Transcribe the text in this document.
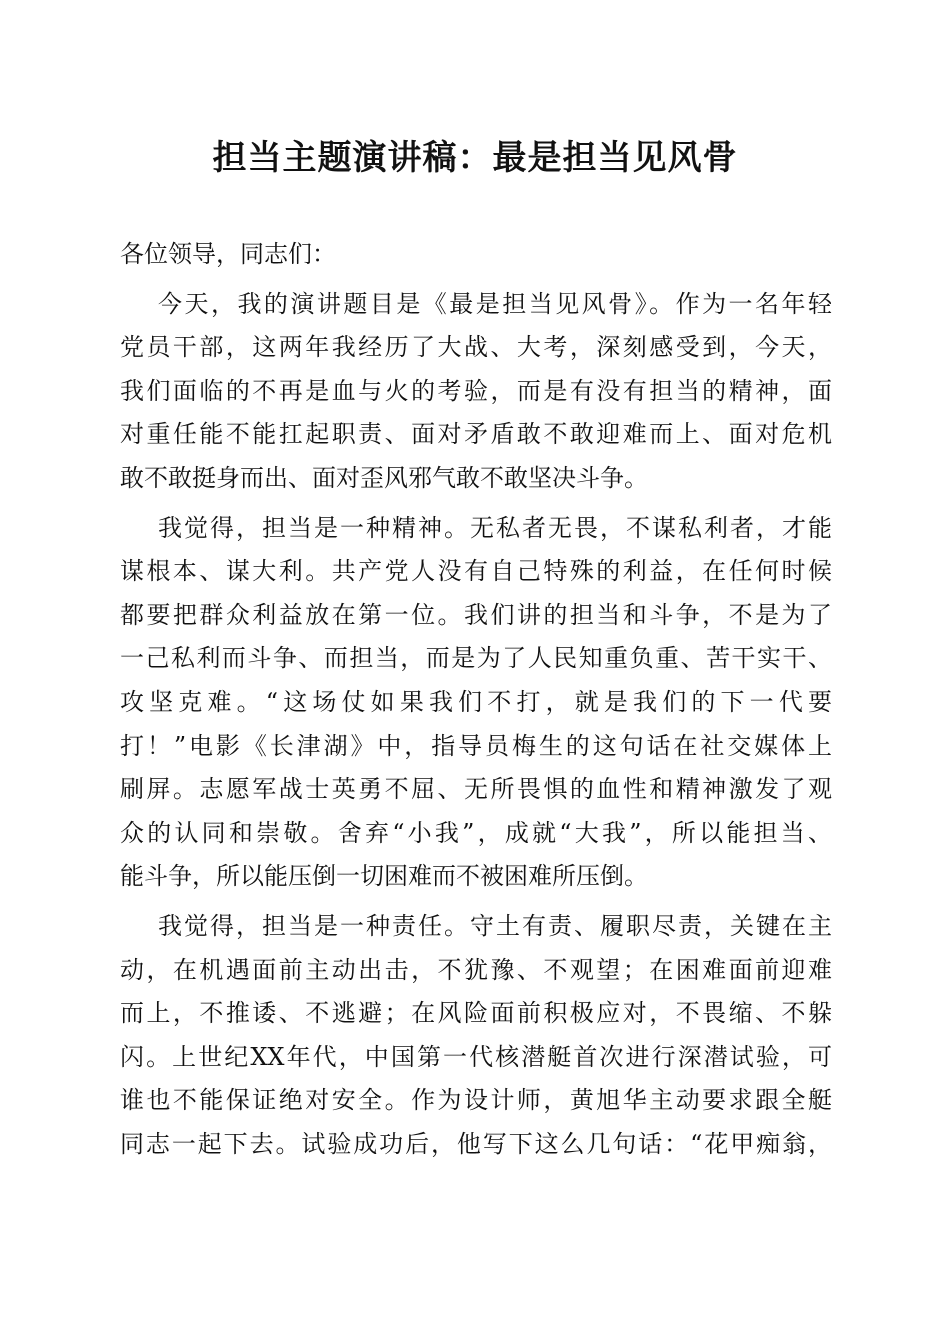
担当主题演讲稿：最是担当见风骨

各位领导，同志们：

今天，我的演讲题目是《最是担当见风骨》。作为一名年轻
党员干部，这两年我经历了大战、大考，深刻感受到，今天，
我们面临的不再是血与火的考验，而是有没有担当的精神，面
对重任能不能扛起职责、面对矛盾敢不敢迎难而上、面对危机
敢不敢挺身而出、面对歪风邪气敢不敢坚决斗争。

我觉得，担当是一种精神。无私者无畏，不谋私利者，才能
谋根本、谋大利。共产党人没有自己特殊的利益，在任何时候
都要把群众利益放在第一位。我们讲的担当和斗争，不是为了
一己私利而斗争、而担当，而是为了人民知重负重、苦干实干、
攻坚克难。“这场仗如果我们不打，就是我们的下一代要
打！”电影《长津湖》中，指导员梅生的这句话在社交媒体上
刷屏。志愿军战士英勇不屈、无所畏惧的血性和精神激发了观
众的认同和崇敬。舍弃“小我”，成就“大我”，所以能担当、
能斗争，所以能压倒一切困难而不被困难所压倒。

我觉得，担当是一种责任。守土有责、履职尽责，关键在主
动，在机遇面前主动出击，不犹豫、不观望；在困难面前迎难
而上，不推诿、不逃避；在风险面前积极应对，不畏缩、不躲
闪。上世纪XX年代，中国第一代核潜艇首次进行深潜试验，可
谁也不能保证绝对安全。作为设计师，黄旭华主动要求跟全艇
同志一起下去。试验成功后，他写下这么几句话：“花甲痴翁，
